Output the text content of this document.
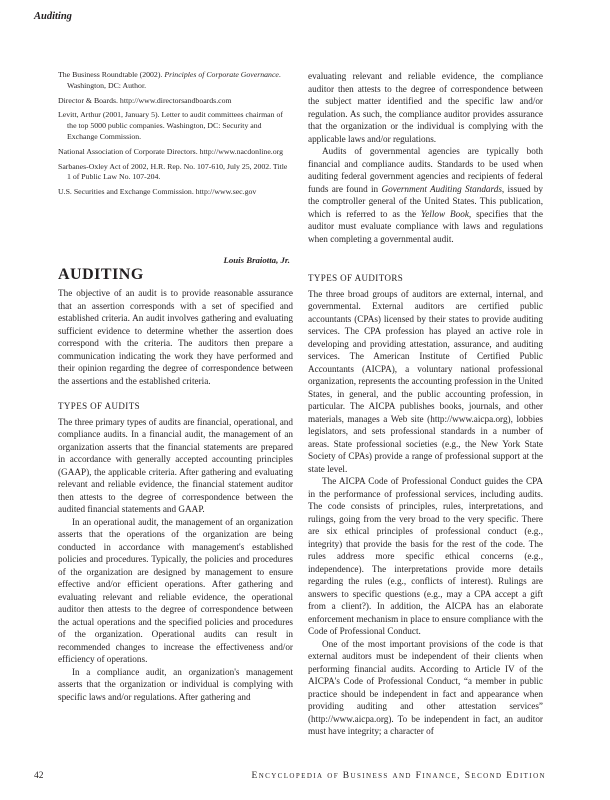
Auditing
The Business Roundtable (2002). Principles of Corporate Governance. Washington, DC: Author.
Director & Boards. http://www.directorsandboards.com
Levitt, Arthur (2001, January 5). Letter to audit committees chairman of the top 5000 public companies. Washington, DC: Security and Exchange Commission.
National Association of Corporate Directors. http://www.nacdonline.org
Sarbanes-Oxley Act of 2002, H.R. Rep. No. 107-610, July 25, 2002. Title 1 of Public Law No. 107-204.
U.S. Securities and Exchange Commission. http://www.sec.gov
Louis Braiotta, Jr.

evaluating relevant and reliable evidence, the compliance auditor then attests to the degree of correspondence between the subject matter identified and the specific law and/or regulation. As such, the compliance auditor provides assurance that the organization or the individual is complying with the applicable laws and/or regulations.

Audits of governmental agencies are typically both financial and compliance audits. Standards to be used when auditing federal government agencies and recipients of federal funds are found in Government Auditing Standards, issued by the comptroller general of the United States. This publication, which is referred to as the Yellow Book, specifies that the auditor must evaluate compliance with laws and regulations when completing a governmental audit.

AUDITING

The objective of an audit is to provide reasonable assurance that an assertion corresponds with a set of specified and established criteria. An audit involves gathering and evaluating sufficient evidence to determine whether the assertion does correspond with the criteria. The auditors then prepare a communication indicating the work they have performed and their opinion regarding the degree of correspondence between the assertions and the established criteria.

TYPES OF AUDITS

The three primary types of audits are financial, operational, and compliance audits. In a financial audit, the management of an organization asserts that the financial statements are prepared in accordance with generally accepted accounting principles (GAAP), the applicable criteria. After gathering and evaluating relevant and reliable evidence, the financial statement auditor then attests to the degree of correspondence between the audited financial statements and GAAP.

In an operational audit, the management of an organization asserts that the operations of the organization are being conducted in accordance with management's established policies and procedures. Typically, the policies and procedures of the organization are designed by management to ensure effective and/or efficient operations. After gathering and evaluating relevant and reliable evidence, the operational auditor then attests to the degree of correspondence between the actual operations and the specified policies and procedures of the organization. Operational audits can result in recommended changes to increase the effectiveness and/or efficiency of operations.

In a compliance audit, an organization's management asserts that the organization or individual is complying with specific laws and/or regulations. After gathering and

TYPES OF AUDITORS

The three broad groups of auditors are external, internal, and governmental. External auditors are certified public accountants (CPAs) licensed by their states to provide auditing services. The CPA profession has played an active role in developing and providing attestation, assurance, and auditing services. The American Institute of Certified Public Accountants (AICPA), a voluntary national professional organization, represents the accounting profession in the United States, in general, and the public accounting profession, in particular. The AICPA publishes books, journals, and other materials, manages a Web site (http://www.aicpa.org), lobbies legislators, and sets professional standards in a number of areas. State professional societies (e.g., the New York State Society of CPAs) provide a range of professional support at the state level.

The AICPA Code of Professional Conduct guides the CPA in the performance of professional services, including audits. The code consists of principles, rules, interpretations, and rulings, going from the very broad to the very specific. There are six ethical principles of professional conduct (e.g., integrity) that provide the basis for the rest of the code. The rules address more specific ethical concerns (e.g., independence). The interpretations provide more details regarding the rules (e.g., conflicts of interest). Rulings are answers to specific questions (e.g., may a CPA accept a gift from a client?). In addition, the AICPA has an elaborate enforcement mechanism in place to ensure compliance with the Code of Professional Conduct.

One of the most important provisions of the code is that external auditors must be independent of their clients when performing financial audits. According to Article IV of the AICPA's Code of Professional Conduct, “a member in public practice should be independent in fact and appearance when providing auditing and other attestation services” (http://www.aicpa.org). To be independent in fact, an auditor must have integrity; a character of

42	Encyclopedia of Business and Finance, Second Edition
